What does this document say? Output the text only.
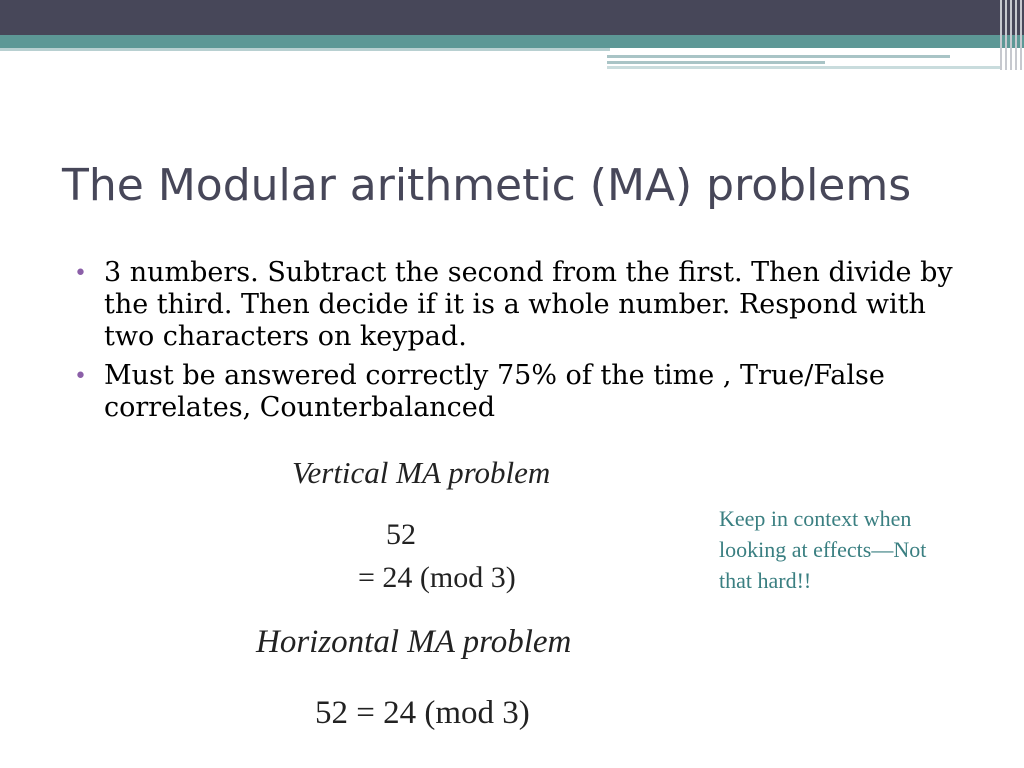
The Modular arithmetic (MA) problems
• 3 numbers. Subtract the second from the first. Then divide by the third. Then decide if it is a whole number. Respond with two characters on keypad.
• Must be answered correctly 75% of the time , True/False correlates, Counterbalanced
Vertical MA problem
52
= 24 (mod 3)
Horizontal MA problem
52 = 24 (mod 3)
Keep in context when looking at effects—Not that hard!!
